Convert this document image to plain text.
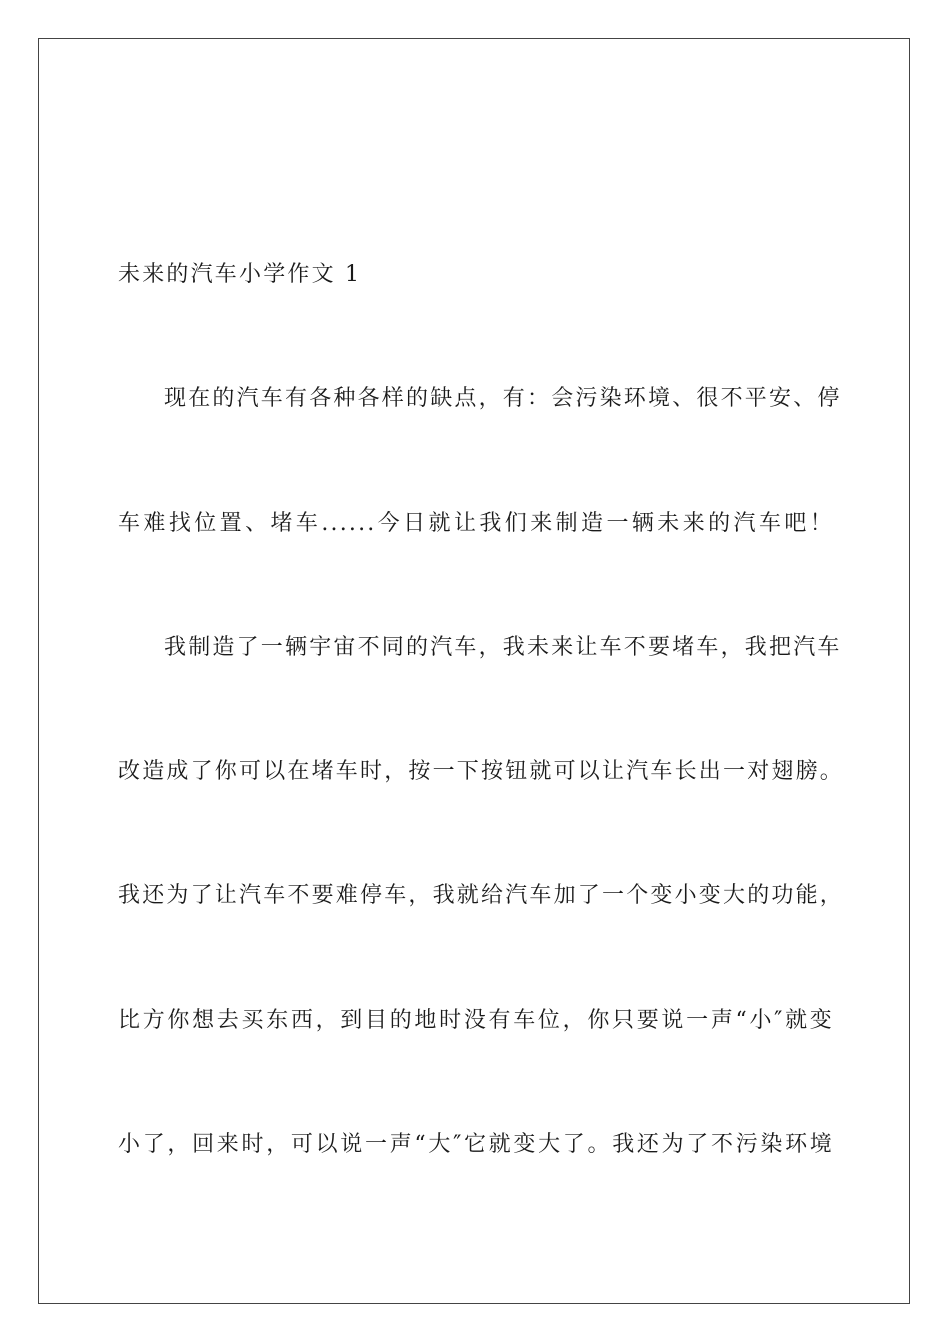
未来的汽车小学作文 1
现在的汽车有各种各样的缺点，有：会污染环境、很不平安、停
车难找位置、堵车......今日就让我们来制造一辆未来的汽车吧！
我制造了一辆宇宙不同的汽车，我未来让车不要堵车，我把汽车
改造成了你可以在堵车时，按一下按钮就可以让汽车长出一对翅膀。
我还为了让汽车不要难停车，我就给汽车加了一个变小变大的功能，
比方你想去买东西，到目的地时没有车位，你只要说一声“小″就变
小了，回来时，可以说一声“大″它就变大了。我还为了不污染环境
